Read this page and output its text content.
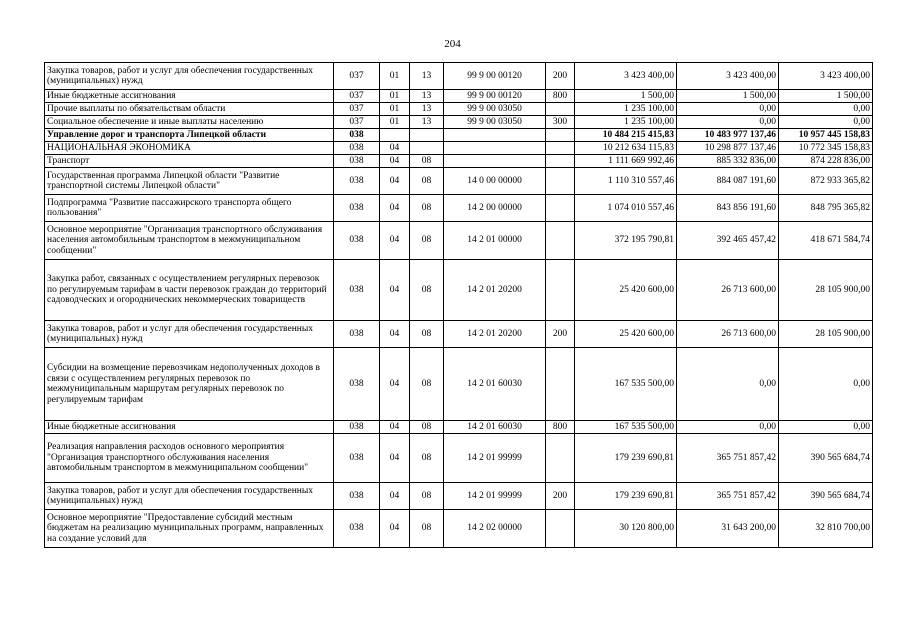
204
Закупка товаров, работ и услуг для обеспечения государственных (муниципальных) нужд	037	01	13	99 9 00 00120	200	3 423 400,00	3 423 400,00	3 423 400,00
Иные бюджетные ассигнования	037	01	13	99 9 00 00120	800	1 500,00	1 500,00	1 500,00
Прочие выплаты по обязательствам области	037	01	13	99 9 00 03050		1 235 100,00	0,00	0,00
Социальное обеспечение и иные выплаты населению	037	01	13	99 9 00 03050	300	1 235 100,00	0,00	0,00
Управление дорог и транспорта Липецкой области	038					10 484 215 415,83	10 483 977 137,46	10 957 445 158,83
НАЦИОНАЛЬНАЯ ЭКОНОМИКА	038	04				10 212 634 115,83	10 298 877 137,46	10 772 345 158,83
Транспорт	038	04	08			1 111 669 992,46	885 332 836,00	874 228 836,00
Государственная программа Липецкой области "Развитие транспортной системы Липецкой области"	038	04	08	14 0 00 00000		1 110 310 557,46	884 087 191,60	872 933 365,82
Подпрограмма "Развитие пассажирского транспорта общего пользования"	038	04	08	14 2 00 00000		1 074 010 557,46	843 856 191,60	848 795 365,82
Основное мероприятие "Организация транспортного обслуживания населения автомобильным транспортом в межмуниципальном сообщении"	038	04	08	14 2 01 00000		372 195 790,81	392 465 457,42	418 671 584,74
Закупка работ, связанных с осуществлением регулярных перевозок по регулируемым тарифам в части перевозок граждан до территорий садоводческих и огороднических некоммерческих товариществ	038	04	08	14 2 01 20200		25 420 600,00	26 713 600,00	28 105 900,00
Закупка товаров, работ и услуг для обеспечения государственных (муниципальных) нужд	038	04	08	14 2 01 20200	200	25 420 600,00	26 713 600,00	28 105 900,00
Субсидии на возмещение перевозчикам недополученных доходов в связи с осуществлением регулярных перевозок по межмуниципальным маршрутам регулярных перевозок по регулируемым тарифам	038	04	08	14 2 01 60030		167 535 500,00	0,00	0,00
Иные бюджетные ассигнования	038	04	08	14 2 01 60030	800	167 535 500,00	0,00	0,00
Реализация направления расходов основного мероприятия "Организация транспортного обслуживания населения автомобильным транспортом в межмуниципальном сообщении"	038	04	08	14 2 01 99999		179 239 690,81	365 751 857,42	390 565 684,74
Закупка товаров, работ и услуг для обеспечения государственных (муниципальных) нужд	038	04	08	14 2 01 99999	200	179 239 690,81	365 751 857,42	390 565 684,74
Основное мероприятие "Предоставление субсидий местным бюджетам на реализацию муниципальных программ, направленных на создание условий для	038	04	08	14 2 02 00000		30 120 800,00	31 643 200,00	32 810 700,00
